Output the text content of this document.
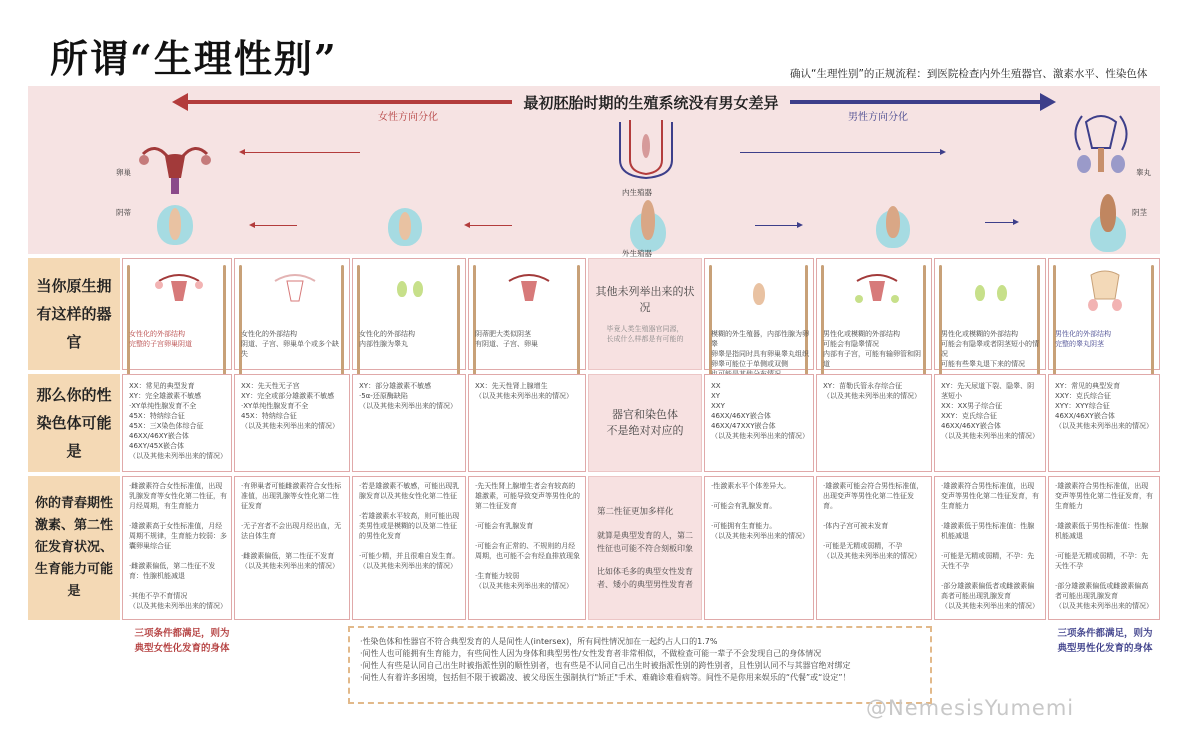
所谓“生理性别”	确认“生理性别”的正规流程：到医院检查内外生殖器官、激素水平、性染色体
最初胚胎时期的生殖系统没有男女差异
女性方向分化	男性方向分化
卵巢
阴蒂
内生殖器
外生殖器
睾丸
阴茎
当你原生拥有这样的器官
那么你的性染色体可能是
你的青春期性激素、第二性征发育状况、生育能力可能是
女性化的外部结构
完整的子宫卵巢阴道
女性化的外部结构
阴道、子宫、卵巢单个或多个缺失
女性化的外部结构
内部性腺为睾丸
阴蒂肥大类似阴茎
有阴道、子宫、卵巢
其他未列举出来的状况
毕竟人类生殖器官同源，
长成什么样都是有可能的
模糊的外生殖器，内部性腺为卵睾
卵睾是指同时具有卵巢睾丸组织
卵睾可能位于单侧或双侧

男性化或模糊的外部结构
可能会有隐睾情况
内部有子宫，可能有输卵管和阴道
男性化或模糊的外部结构
可能会有隐睾或者阴茎短小的情况
可能有些睾丸退下来的情况
男性化的外部结构
完整的睾丸阴茎
XX：常见的典型发育
XY：完全雄激素不敏感
·XY单纯性腺发育不全
45X：特纳综合征
45X：三X染色体综合征
46XX/46XY嵌合体
46XY/45X嵌合体
（以及其他未列举出来的情况）
XX：先天性无子宫
XY：完全或部分雄激素不敏感
·XY单纯性腺发育不全
45X：特纳综合征
（以及其他未列举出来的情况）
XY：部分雄激素不敏感
·5α-还原酶缺陷
（以及其他未列举出来的情况）
XX：先天性肾上腺增生
（以及其他未列举出来的情况）
器官和染色体
不是绝对对应的
XX
XY
XXY
46XX/46XY嵌合体
46XX/47XXY嵌合体
（以及其他未列举出来的情况）
XY：苗勒氏管永存综合征
（以及其他未列举出来的情况）
XY：先天尿道下裂、隐睾、阴茎短小
XX：XX男子综合征
XXY：克氏综合征
46XX/46XY嵌合体
（以及其他未列举出来的情况）
XY：常见的典型发育
XXY：克氏综合征
XYY：XYY综合征
46XX/46XY嵌合体
（以及其他未列举出来的情况）
·雌激素符合女性标准值，出现乳腺发育等女性化第二性征，有月经周期，有生育能力

·雄激素高于女性标准值，月经周期不规律，生育能力较弱：多囊卵巢综合征

·雌激素偏低，第二性征不发育：性腺机能减退

·其他不孕不育情况
（以及其他未列举出来的情况）
·有卵巢者可能雌激素符合女性标准值，出现乳腺等女性化第二性征发育

·无子宫者不会出现月经出血，无法自体生育

·雌激素偏低，第二性征不发育
（以及其他未列举出来的情况）
·若是雄激素不敏感，可能出现乳腺发育以及其他女性化第二性征

·若雄激素水平较高，则可能出现类男性或是模糊的以及第二性征的男性化发育

·可能少精，并且很难自发生育。
（以及其他未列举出来的情况）
·先天性肾上腺增生者会有较高的雄激素，可能导致变声等男性化的第二性征发育

·可能会有乳腺发育

·可能会有正常的、不规则的月经周期，也可能不会有经血排放现象

·生育能力较弱
（以及其他未列举出来的情况）
第二性征更加多样化
就算是典型发育的人，第二性征也可能不符合刻板印象
比如体毛多的典型女性发育者、矮小的典型男性发育者
·性激素水平个体差异大。

·可能会有乳腺发育。

·可能拥有生育能力。
（以及其他未列举出来的情况）
·雄激素可能会符合男性标准值，出现变声等男性化第二性征发育。

·体内子宫可被未发育

·可能是无精或弱精，不孕
（以及其他未列举出来的情况）
·雄激素符合男性标准值，出现变声等男性化第二性征发育，有生育能力

·雄激素低于男性标准值：性腺机能减退

·可能是无精或弱精，不孕：先天性不孕

·部分雄激素偏低者或雌激素偏高者可能出现乳腺发育
（以及其他未列举出来的情况）
·雄激素符合男性标准值，出现变声等男性化第二性征发育，有生育能力

·雄激素低于男性标准值：性腺机能减退

·可能是无精或弱精，不孕：先天性不孕

·部分雄激素偏低或雌激素偏高者可能出现乳腺发育
（以及其他未列举出来的情况）
三项条件都满足，则为
典型女性化发育的身体
三项条件都满足，则为
典型男性化发育的身体
·性染色体和性器官不符合典型发育的人是间性人(intersex)，所有间性情况加在一起约占人口的1.7%
·间性人也可能拥有生育能力，有些间性人因为身体和典型男性/女性发育者非常相似，不做检查可能一辈子不会发现自己的身体情况
·间性人有些是认同自己出生时被指派性别的顺性别者，也有些是不认同自己出生时被指派性别的跨性别者，且性别认同不与其器官绝对绑定
·间性人有着许多困境，包括但不限于被霸凌、被父母医生强制执行"矫正"手术、难确诊难看病等。间性不是你用来娱乐的“代餐”或“设定”！
@NemesisYumemi
